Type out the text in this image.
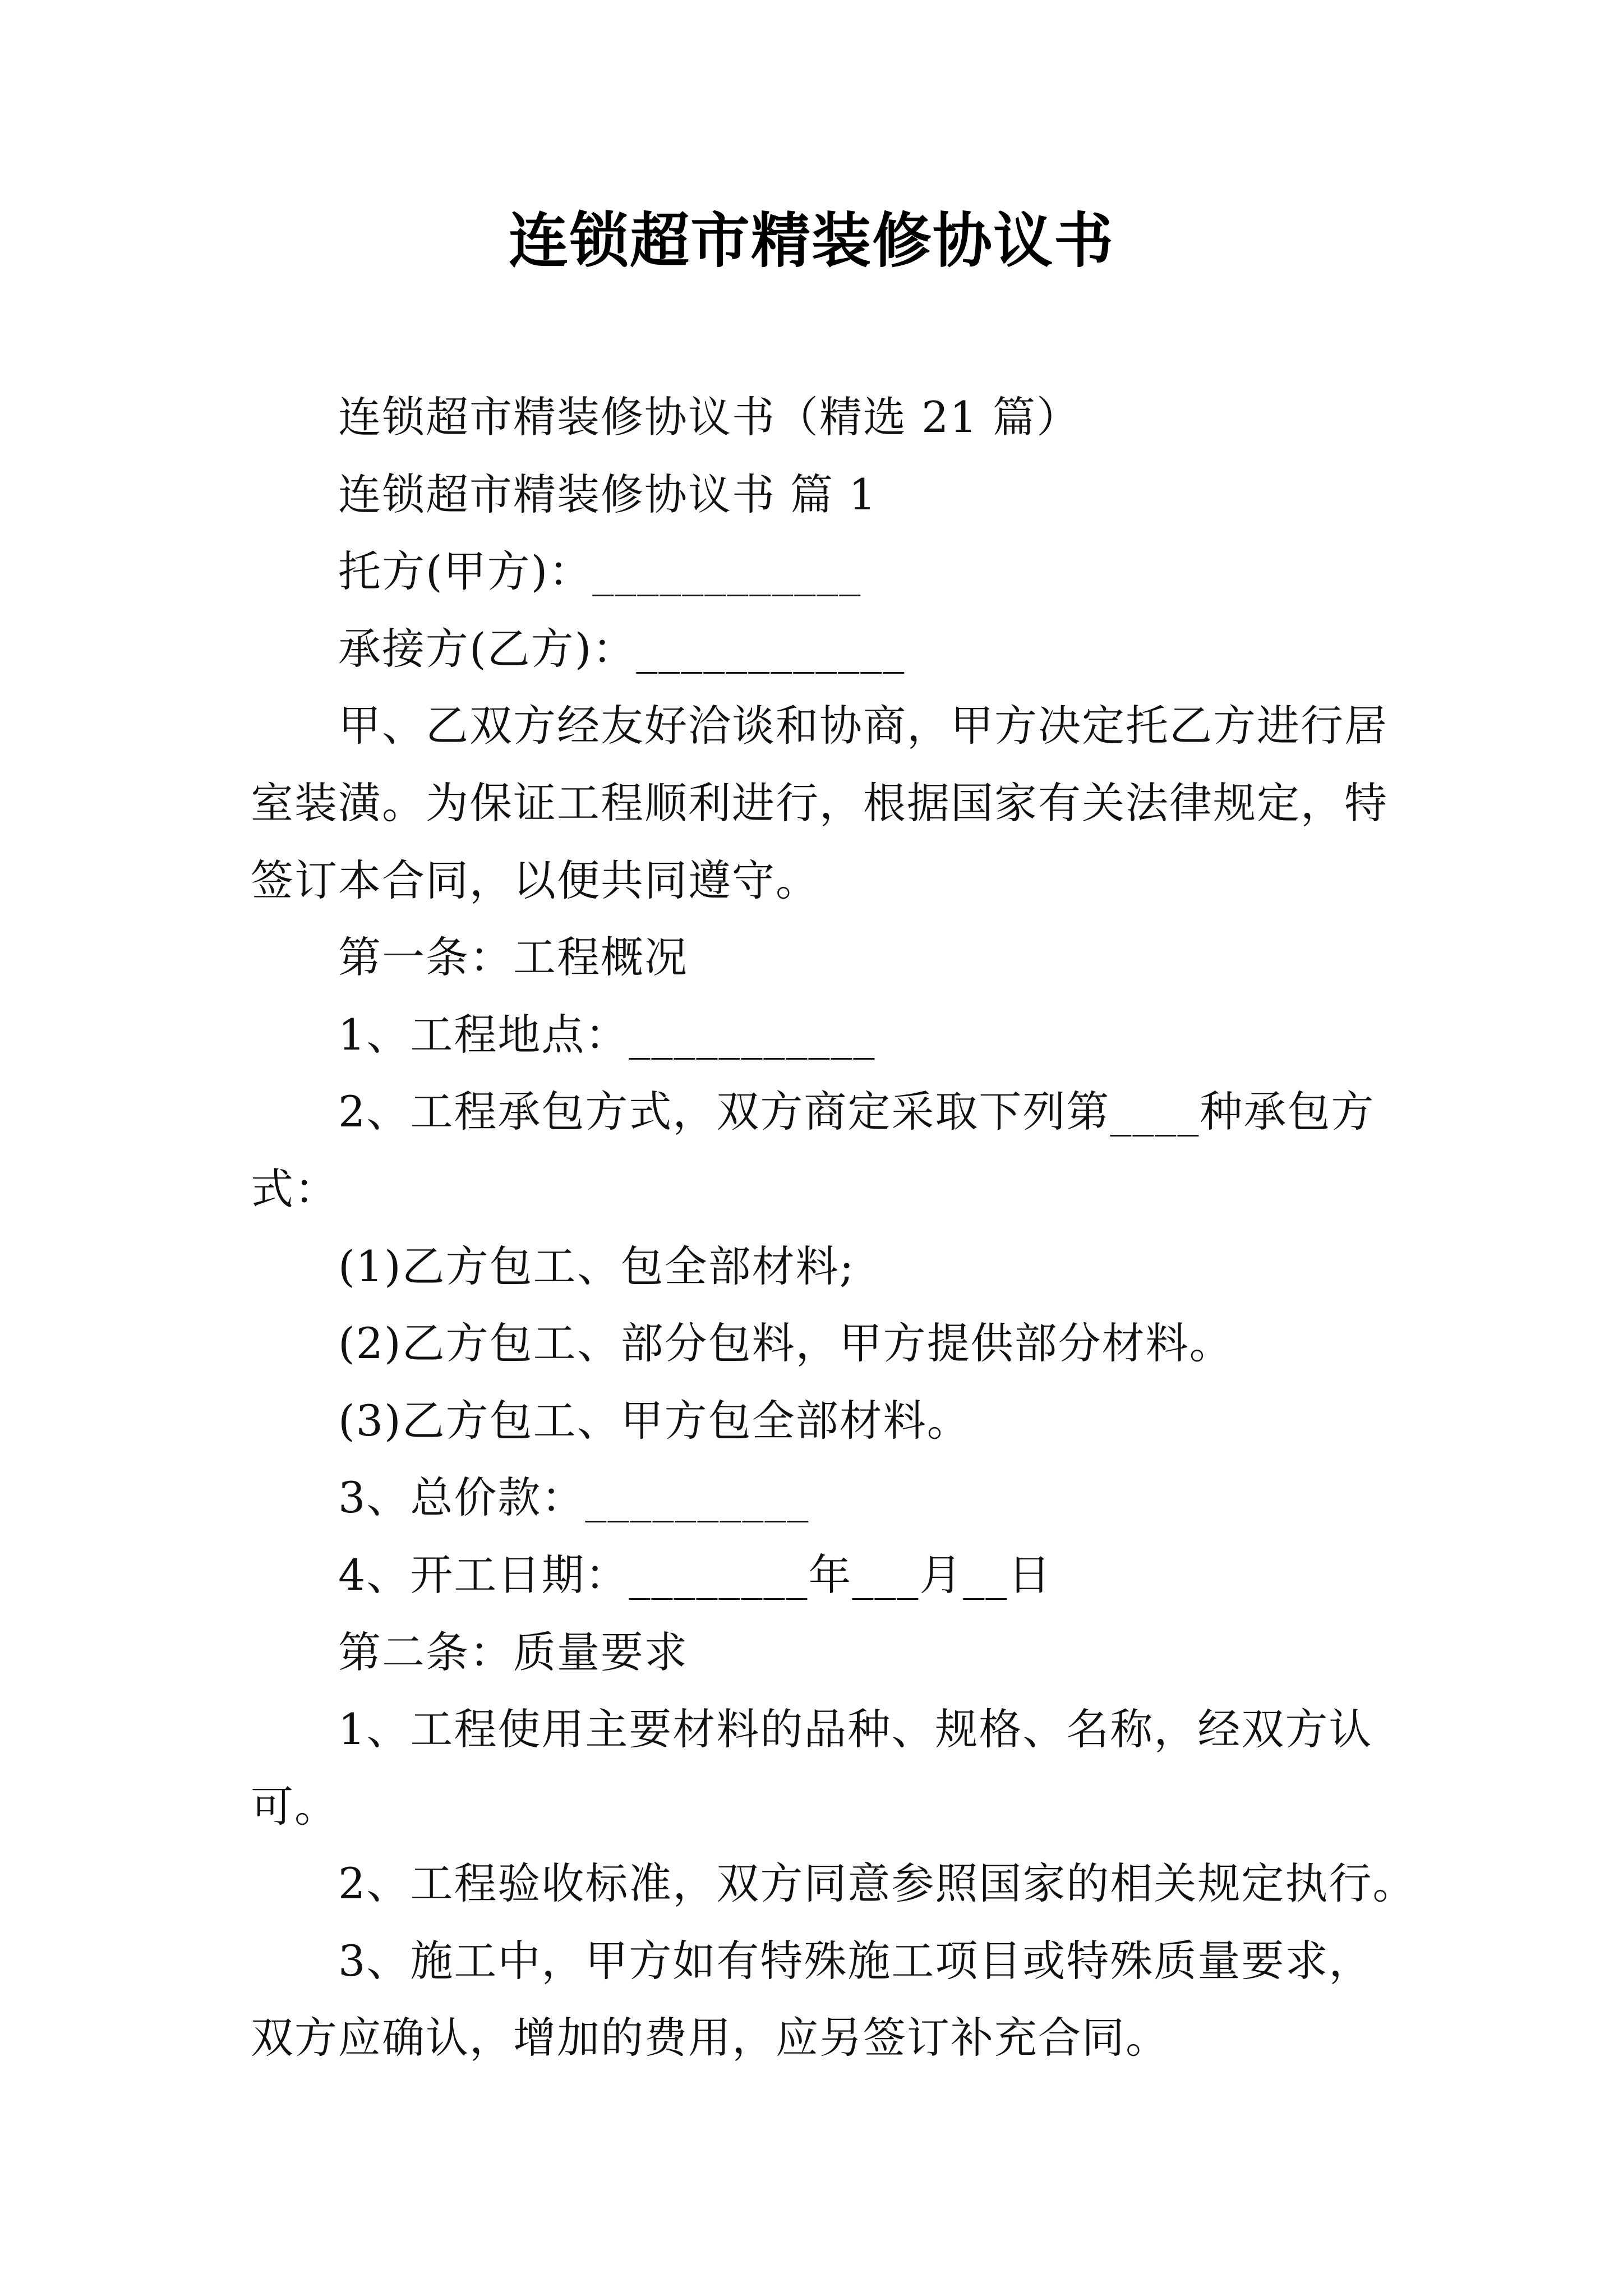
连锁超市精装修协议书
连锁超市精装修协议书（精选 21 篇）
连锁超市精装修协议书 篇 1
托方(甲方)：____________
承接方(乙方)：____________
甲、乙双方经友好洽谈和协商，甲方决定托乙方进行居
室装潢。为保证工程顺利进行，根据国家有关法律规定，特
签订本合同，以便共同遵守。
第一条：工程概况
1、工程地点：___________
2、工程承包方式，双方商定采取下列第____种承包方
式：
(1)乙方包工、包全部材料;
(2)乙方包工、部分包料，甲方提供部分材料。
(3)乙方包工、甲方包全部材料。
3、总价款：__________
4、开工日期：________年___月__日
第二条：质量要求
1、工程使用主要材料的品种、规格、名称，经双方认
可。
2、工程验收标准，双方同意参照国家的相关规定执行。
3、施工中，甲方如有特殊施工项目或特殊质量要求，
双方应确认，增加的费用，应另签订补充合同。
